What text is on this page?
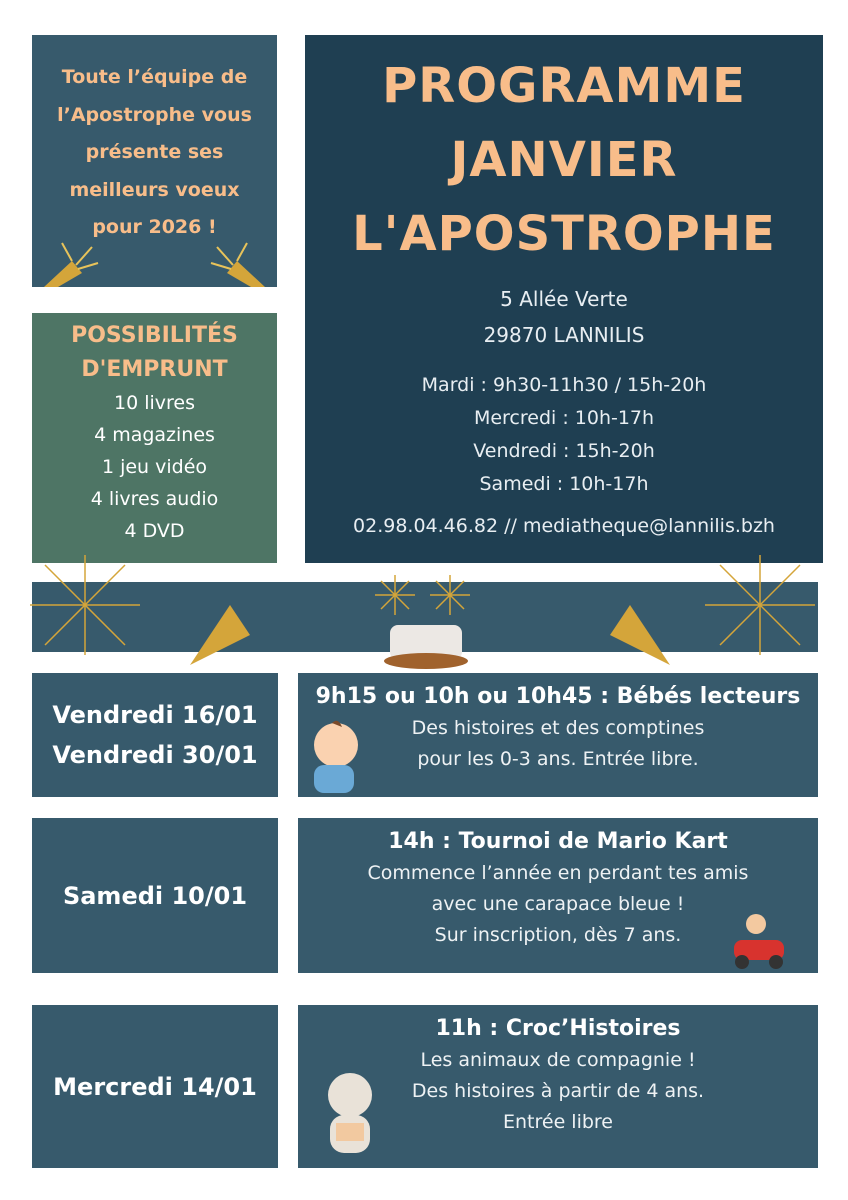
Toute l’équipe de
l’Apostrophe vous
présente ses
meilleurs voeux
pour 2026 !
POSSIBILITÉS
D'EMPRUNT
10 livres
4 magazines
1 jeu vidéo
4 livres audio
4 DVD
PROGRAMME
JANVIER
L'APOSTROPHE
5 Allée Verte
29870 LANNILIS
Mardi : 9h30-11h30 / 15h-20h
Mercredi : 10h-17h
Vendredi : 15h-20h
Samedi : 10h-17h
02.98.04.46.82 // mediatheque@lannilis.bzh
Vendredi 16/01
Vendredi 30/01
9h15 ou 10h ou 10h45 : Bébés lecteurs
Des histoires et des comptines
pour les 0-3 ans. Entrée libre.
Samedi 10/01
14h : Tournoi de Mario Kart
Commence l’année en perdant tes amis
avec une carapace bleue !
Sur inscription, dès 7 ans.
Mercredi 14/01
11h : Croc’Histoires
Les animaux de compagnie !
Des histoires à partir de 4 ans.
Entrée libre
